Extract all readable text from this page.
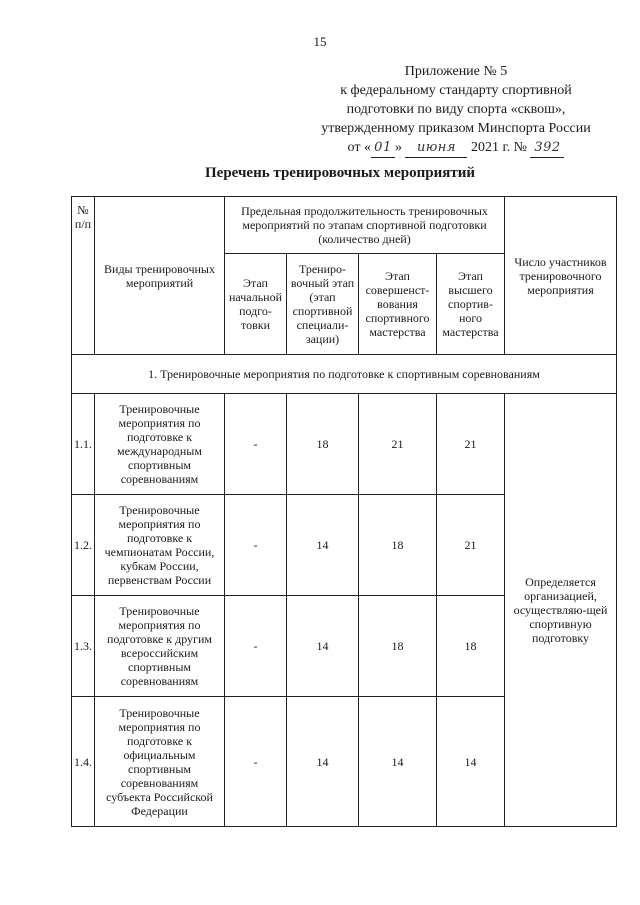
15
Приложение № 5
к федеральному стандарту спортивной
подготовки по виду спорта «сквош»,
утвержденному приказом Минспорта России
от « 01 » июня 2021 г. № 392
Перечень тренировочных мероприятий
№ п/п	Виды тренировочных мероприятий	Предельная продолжительность тренировочных мероприятий по этапам спортивной подготовки (количество дней)				Число участников тренировочного мероприятия
		Этап начальной подго-товки	Трениро-вочный этап (этап спортивной специали-зации)	Этап совершенст-вования спортивного мастерства	Этап высшего спортив-ного мастерства	
1. Тренировочные мероприятия по подготовке к спортивным соревнованиям						
1.1.	Тренировочные мероприятия по подготовке к международным спортивным соревнованиям	-	18	21	21	Определяется организацией, осуществляю-щей спортивную подготовку
1.2.	Тренировочные мероприятия по подготовке к чемпионатам России, кубкам России, первенствам России	-	14	18	21	
1.3.	Тренировочные мероприятия по подготовке к другим всероссийским спортивным соревнованиям	-	14	18	18	
1.4.	Тренировочные мероприятия по подготовке к официальным спортивным соревнованиям субъекта Российской Федерации	-	14	14	14	
